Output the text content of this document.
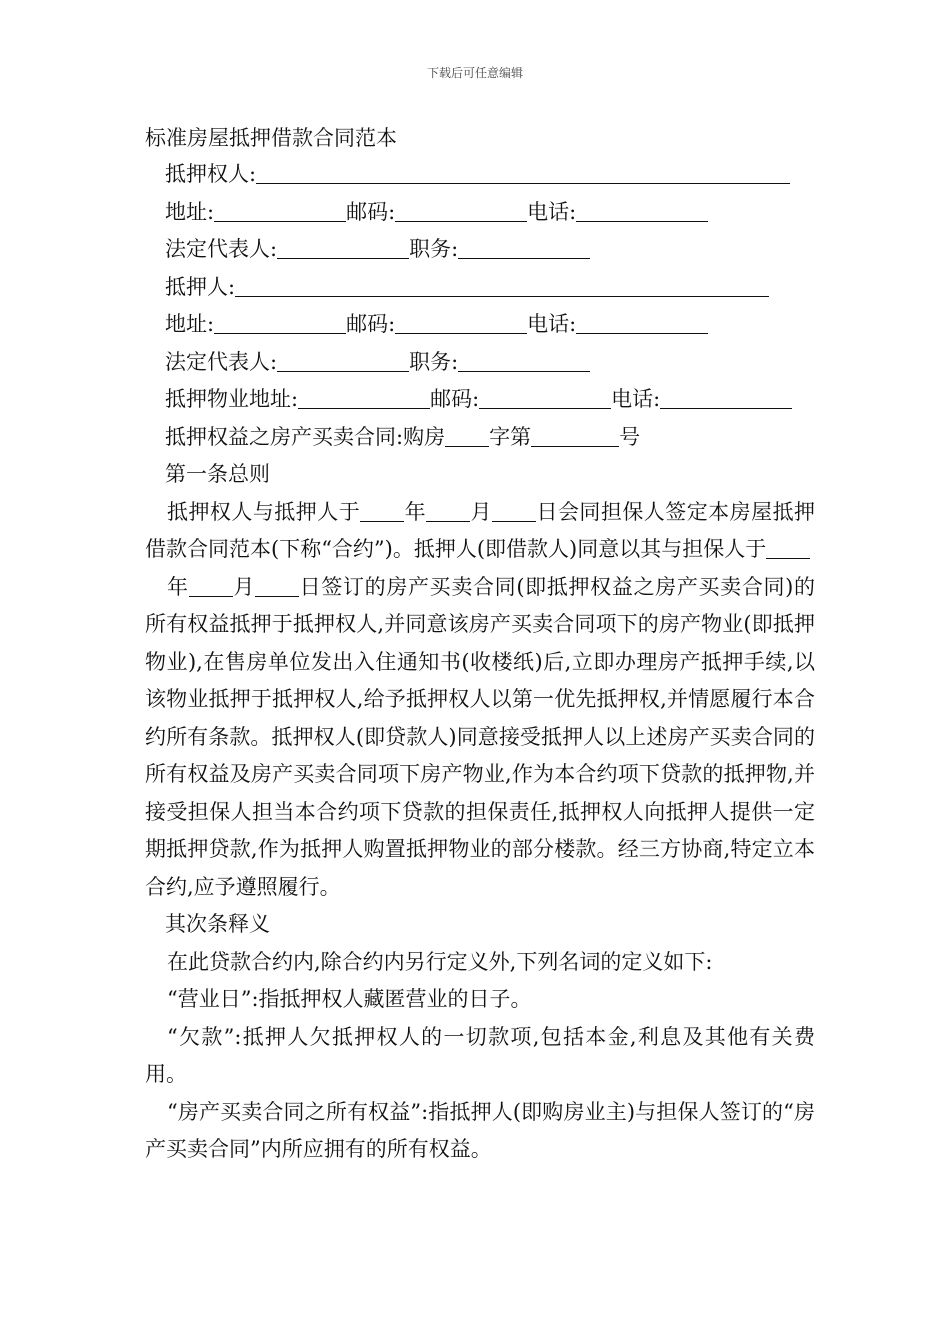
下载后可任意编辑
标准房屋抵押借款合同范本
抵押权人:
地址:	邮码:	电话:
法定代表人:	职务:
抵押人:
地址:	邮码:	电话:
法定代表人:	职务:
抵押物业地址:	邮码:	电话:
抵押权益之房产买卖合同:购房 字第	号
第一条总则

抵押权人与抵押人于 年 月 日会同担保人签定本房屋抵押借款合同范本(下称“合约”)。抵押人(即借款人)同意以其与担保人于

年 月 日签订的房产买卖合同(即抵押权益之房产买卖合同)的所有权益抵押于抵押权人,并同意该房产买卖合同项下的房产物业(即抵押物业),在售房单位发出入住通知书(收楼纸)后,立即办理房产抵押手续,以该物业抵押于抵押权人,给予抵押权人以第一优先抵押权,并情愿履行本合约所有条款。抵押权人(即贷款人)同意接受抵押人以上述房产买卖合同的所有权益及房产买卖合同项下房产物业,作为本合约项下贷款的抵押物,并接受担保人担当本合约项下贷款的担保责任,抵押权人向抵押人提供一定期抵押贷款,作为抵押人购置抵押物业的部分楼款。经三方协商,特定立本合约,应予遵照履行。

其次条释义

在此贷款合约内,除合约内另行定义外,下列名词的定义如下:

“营业日”:指抵押权人藏匿营业的日子。

“欠款”:抵押人欠抵押权人的一切款项,包括本金,利息及其他有关费用。

“房产买卖合同之所有权益”:指抵押人(即购房业主)与担保人签订的“房产买卖合同”内所应拥有的所有权益。
